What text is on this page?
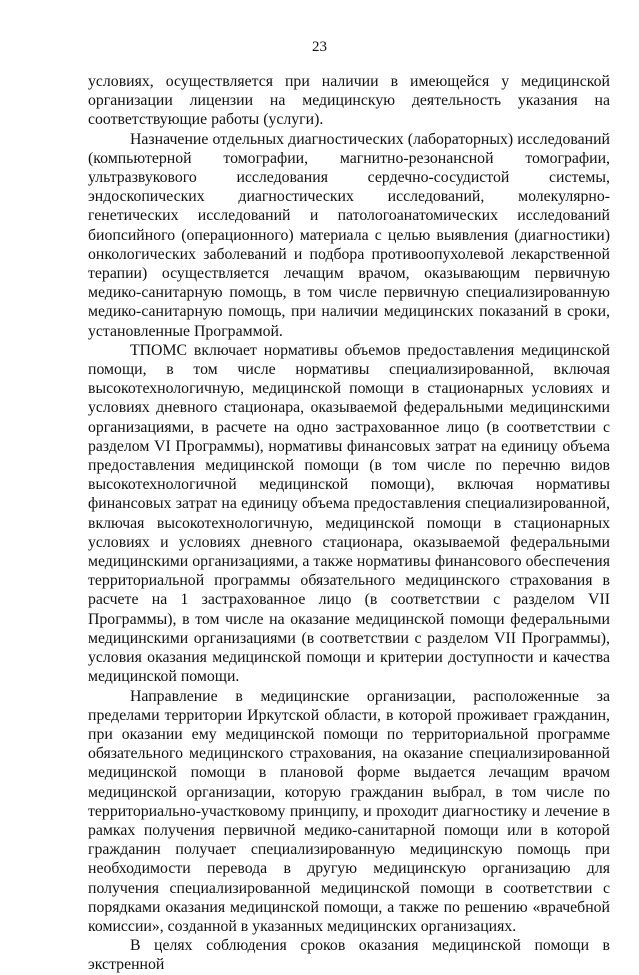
23

условиях, осуществляется при наличии в имеющейся у медицинской организации лицензии на медицинскую деятельность указания на соответствующие работы (услуги).

Назначение отдельных диагностических (лабораторных) исследований (компьютерной томографии, магнитно-резонансной томографии, ультразвукового исследования сердечно-сосудистой системы, эндоскопических диагностических исследований, молекулярно-генетических исследований и патологоанатомических исследований биопсийного (операционного) материала с целью выявления (диагностики) онкологических заболеваний и подбора противоопухолевой лекарственной терапии) осуществляется лечащим врачом, оказывающим первичную медико-санитарную помощь, в том числе первичную специализированную медико-санитарную помощь, при наличии медицинских показаний в сроки, установленные Программой.

ТПОМС включает нормативы объемов предоставления медицинской помощи, в том числе нормативы специализированной, включая высокотехнологичную, медицинской помощи в стационарных условиях и условиях дневного стационара, оказываемой федеральными медицинскими организациями, в расчете на одно застрахованное лицо (в соответствии с разделом VI Программы), нормативы финансовых затрат на единицу объема предоставления медицинской помощи (в том числе по перечню видов высокотехнологичной медицинской помощи), включая нормативы финансовых затрат на единицу объема предоставления специализированной, включая высокотехнологичную, медицинской помощи в стационарных условиях и условиях дневного стационара, оказываемой федеральными медицинскими организациями, а также нормативы финансового обеспечения территориальной программы обязательного медицинского страхования в расчете на 1 застрахованное лицо (в соответствии с разделом VII Программы), в том числе на оказание медицинской помощи федеральными медицинскими организациями (в соответствии с разделом VII Программы), условия оказания медицинской помощи и критерии доступности и качества медицинской помощи.

Направление в медицинские организации, расположенные за пределами территории Иркутской области, в которой проживает гражданин, при оказании ему медицинской помощи по территориальной программе обязательного медицинского страхования, на оказание специализированной медицинской помощи в плановой форме выдается лечащим врачом медицинской организации, которую гражданин выбрал, в том числе по территориально-участковому принципу, и проходит диагностику и лечение в рамках получения первичной медико-санитарной помощи или в которой гражданин получает специализированную медицинскую помощь при необходимости перевода в другую медицинскую организацию для получения специализированной медицинской помощи в соответствии с порядками оказания медицинской помощи, а также по решению «врачебной комиссии», созданной в указанных медицинских организациях.

В целях соблюдения сроков оказания медицинской помощи в экстренной
